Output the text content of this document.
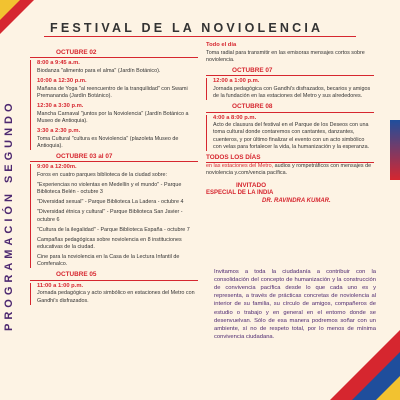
PROGRAMACIÓN SEGUNDO
FESTIVAL DE LA NOVIOLENCIA
OCTUBRE 02
8:00 a 9:45 a.m.
Biodanza "alimento para el alma" (Jardín Botánico).
10:00 a 12:30 p.m.
Mañana de Yoga "al reencuentro de la tranquilidad" con Swami Premananda (Jardín Botánico).
12:30 a 3:30 p.m.
Mancha Carnaval "juntos por la Noviolencia" (Jardín Botánico a Museo de Antioquia).
3:30 a 2:30 p.m.
Toma Cultural "cultura es Noviolencia" (plazoleta Museo de Antioquia).
OCTUBRE 03 al 07
9:00 a 12:00m.
Foros en cuatro parques biblioteca de la ciudad sobre:
"Experiencias no violentas en Medellín y el mundo" - Parque Biblioteca Belén - octubre 3
"Diversidad sexual" - Parque Biblioteca La Ladera - octubre 4
"Diversidad étnica y cultural" - Parque Biblioteca San Javier - octubre 6
"Cultura de la ilegalidad" - Parque Biblioteca España - octubre 7
Campañas pedagógicas sobre noviolencia en 8 instituciones educativas de la ciudad.
Cine para la noviolencia en la Casa de la Lectura Infantil de Comfenalco.
OCTUBRE 05
11:00 a 1:00 p.m.
Jornada pedagógica y acto simbólico en estaciones del Metro con Gandhi's disfrazados.
Todo el día
Toma radial para transmitir en las emisoras mensajes cortos sobre noviolencia.
OCTUBRE 07
12:00 a 1:00 p.m.
Jornada pedagógica con Gandhi's disfrazados, becarios y amigos de la fundación en las estaciones del Metro y sus alrededores.
OCTUBRE 08
4:00 a 8:00 p.m.
Acto de clausura del festival en el Parque de los Deseos con una toma cultural donde contaremos con cantantes, danzantes, cuenteros, y por último finalizar el evento con un acto simbólico con velas para fortalecer la vida, la humanización y la esperanza.
TODOS LOS DÍAS
en las estaciones del Metro, audios y rompetráficos con mensajes de noviolencia y.com/vencia pacífica.
INVITADO
ESPECIAL DE LA INDIA
DR. RAVINDRA KUMAR.
Invitamos a toda la ciudadanía a contribuir con la consolidación del concepto de humanización y la construcción de convivencia pacífica desde lo que cada uno es y representa, a través de prácticas concretas de noviolencia al interior de su familia, su círculo de amigos, compañeros de estudio o trabajo y en general en el entorno donde se desenvuelvan. Sólo de esa manera podremos soñar con un ambiente, sí no de respeto total, por lo menos de mínima convivencia ciudadana.
